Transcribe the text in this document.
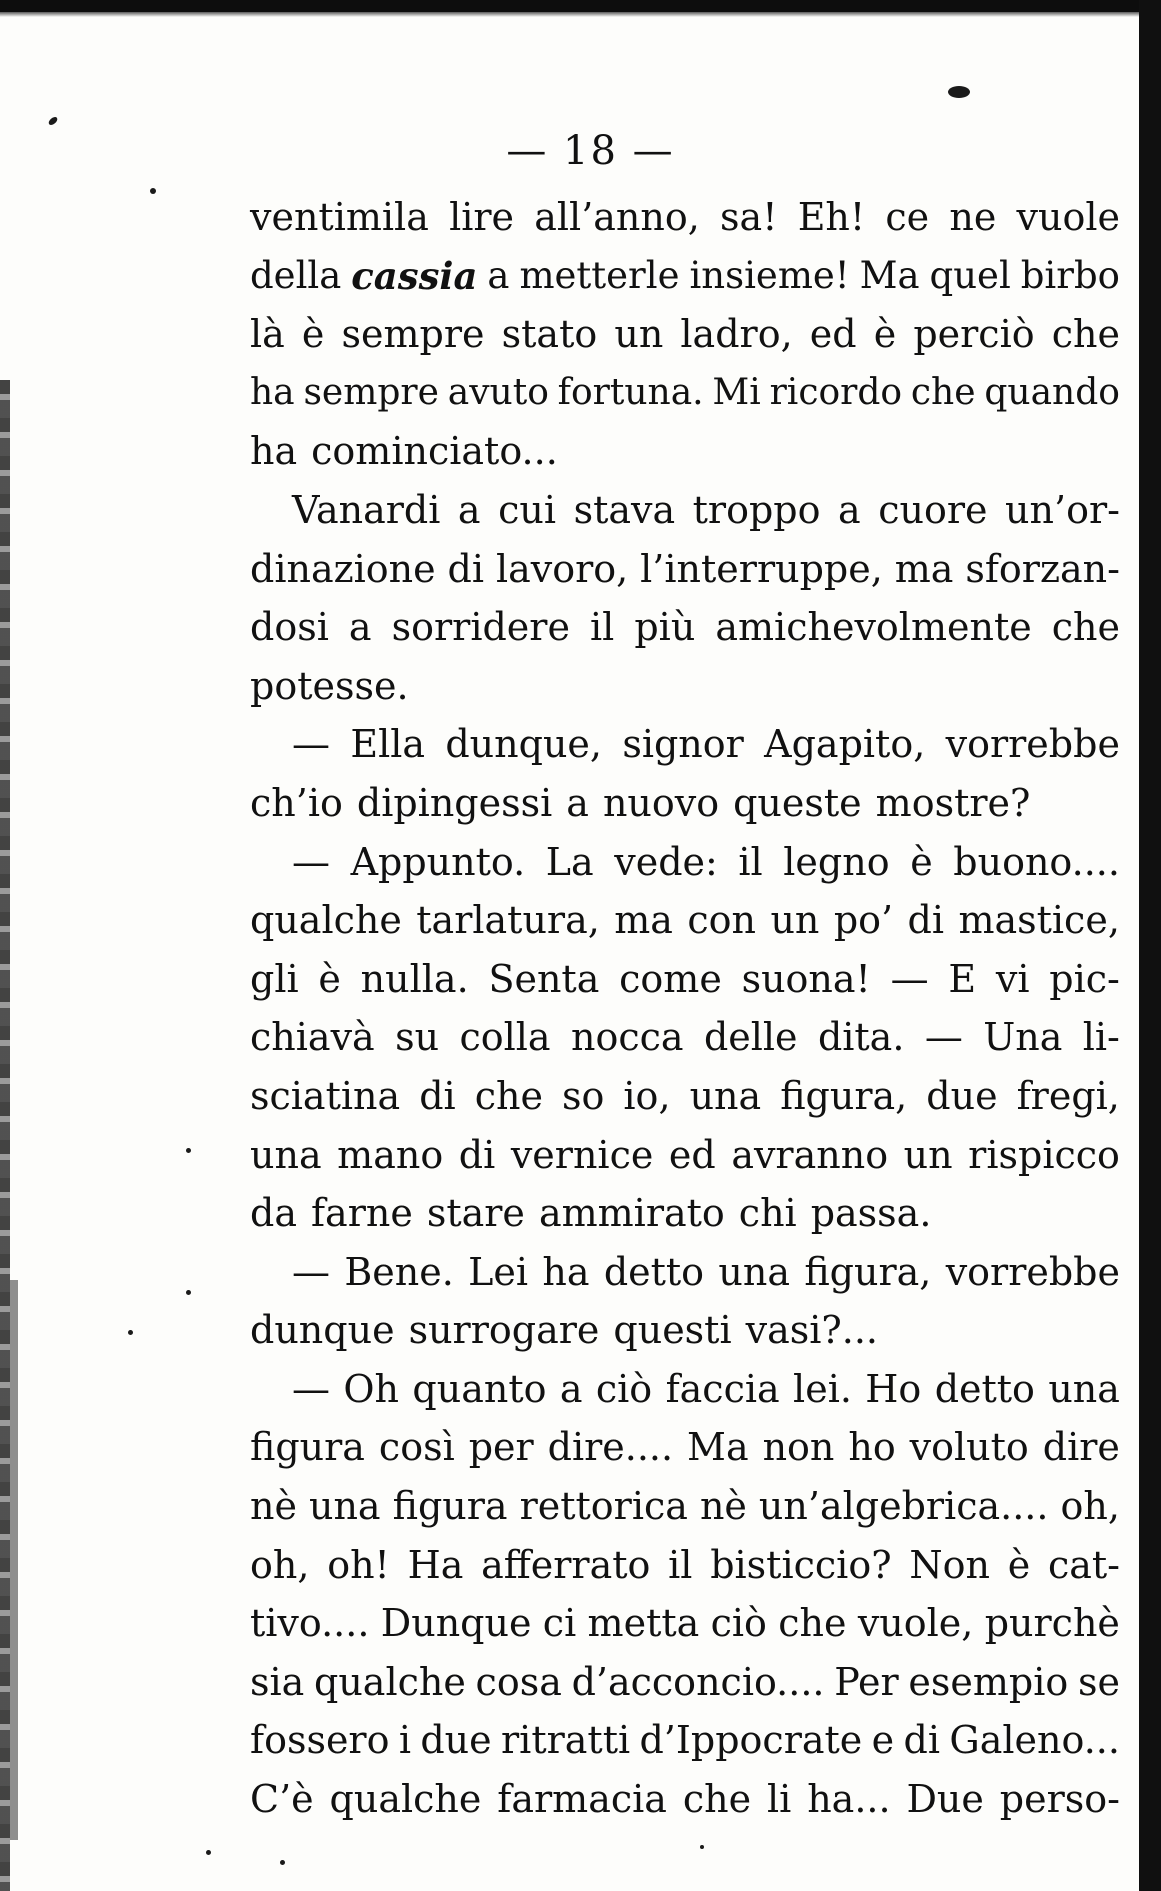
— 18 —
ventimila lire all’anno, sa! Eh! ce ne vuole
della cassia a metterle insieme! Ma quel birbo
là è sempre stato un ladro, ed è perciò che
ha sempre avuto fortuna. Mi ricordo che quando
ha cominciato...
Vanardi a cui stava troppo a cuore un’or-
dinazione di lavoro, l’interruppe, ma sforzan-
dosi a sorridere il più amichevolmente che
potesse.
— Ella dunque, signor Agapito, vorrebbe
ch’io dipingessi a nuovo queste mostre?
— Appunto. La vede: il legno è buono....
qualche tarlatura, ma con un po’ di mastice,
gli è nulla. Senta come suona! — E vi pic-
chiavà su colla nocca delle dita. — Una li-
sciatina di che so io, una figura, due fregi,
una mano di vernice ed avranno un rispicco
da farne stare ammirato chi passa.
— Bene. Lei ha detto una figura, vorrebbe
dunque surrogare questi vasi?...
— Oh quanto a ciò faccia lei. Ho detto una
figura così per dire.... Ma non ho voluto dire
nè una figura rettorica nè un’algebrica.... oh,
oh, oh! Ha afferrato il bisticcio? Non è cat-
tivo.... Dunque ci metta ciò che vuole, purchè
sia qualche cosa d’acconcio.... Per esempio se
fossero i due ritratti d’Ippocrate e di Galeno...
C’è qualche farmacia che li ha... Due perso-
